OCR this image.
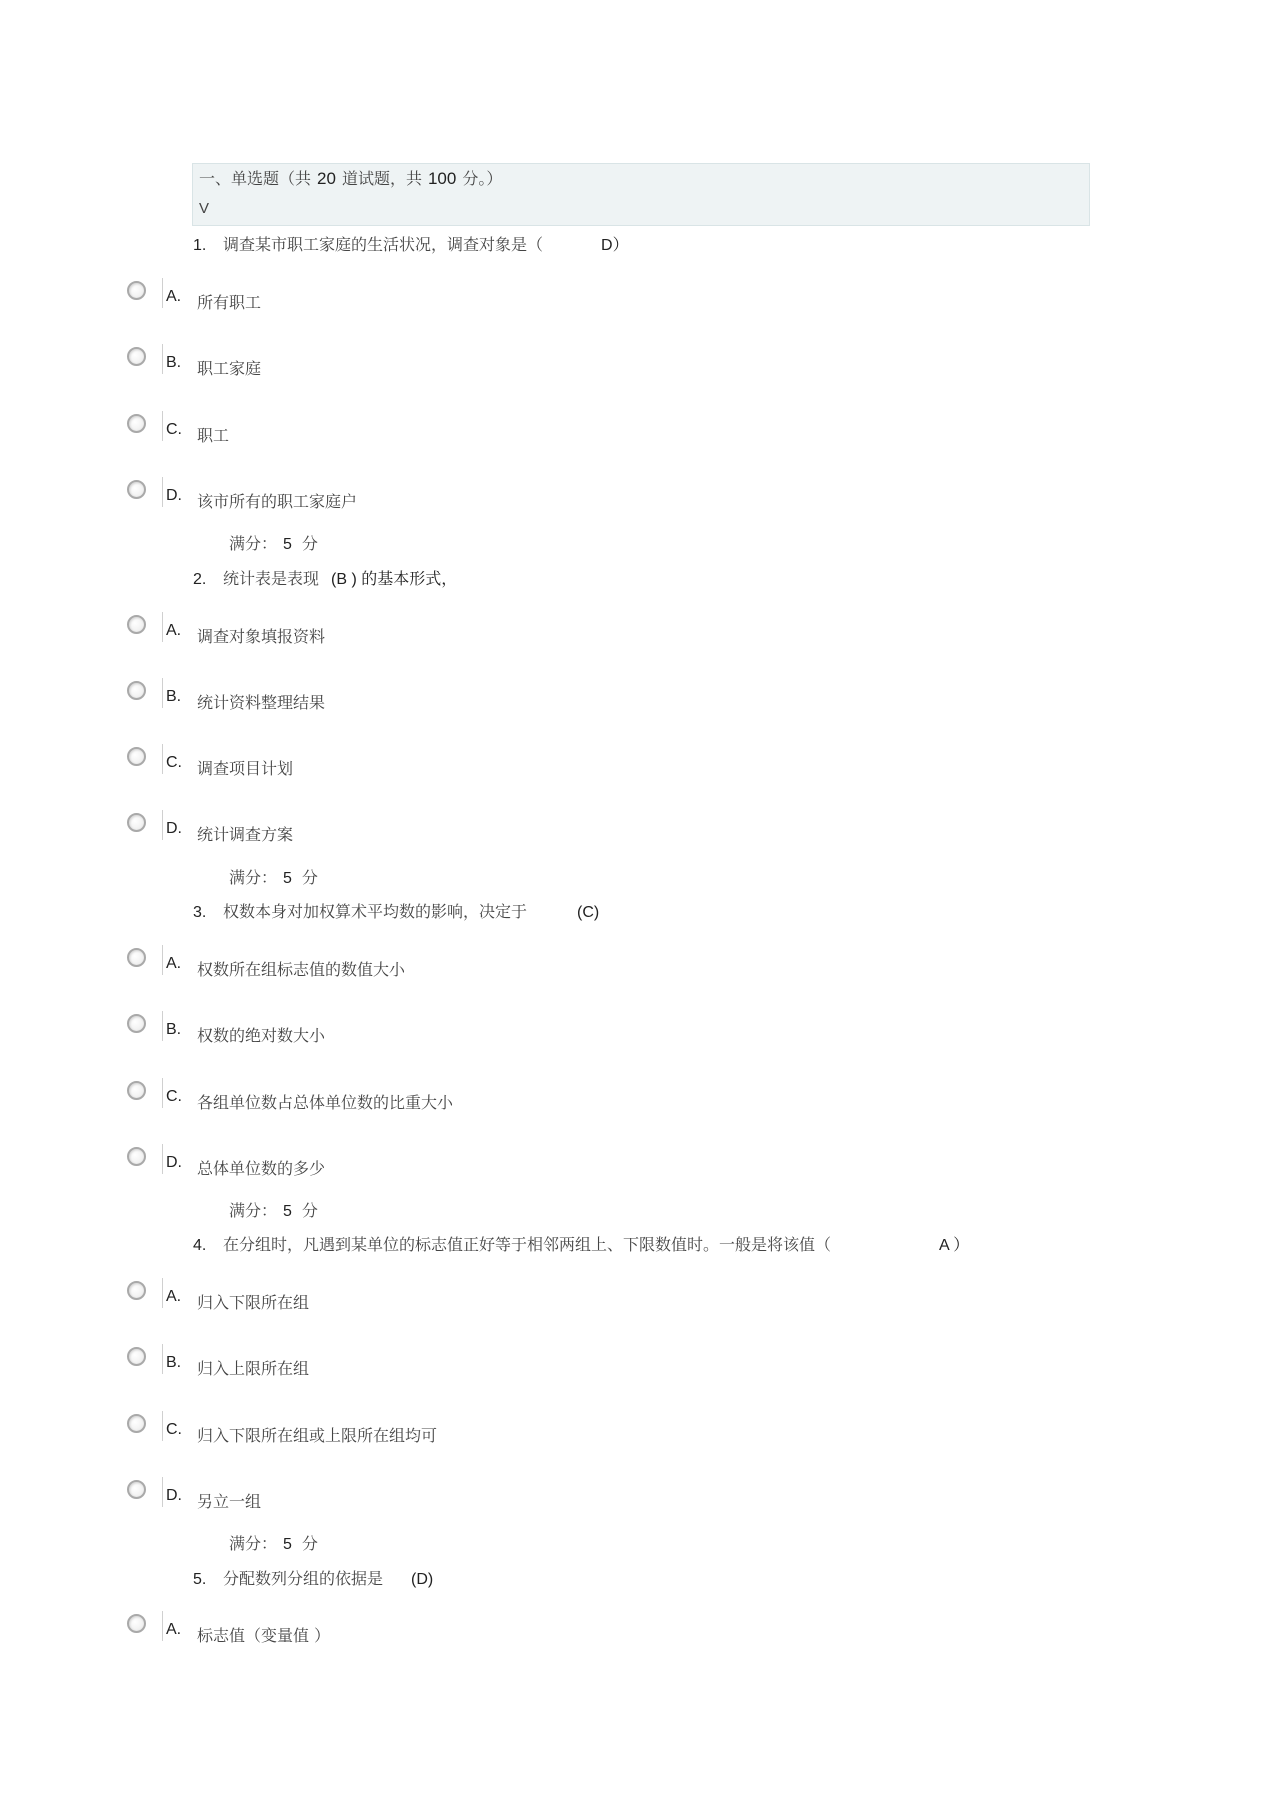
一、单选题（共 20 道试题，共 100 分。）
V
1. 调查某市职工家庭的生活状况，调查对象是（	D）
A. 所有职工
B. 职工家庭
C. 职工
D. 该市所有的职工家庭户
满分： 5 分
2. 统计表是表现 (B ) 的基本形式，
A. 调查对象填报资料
B. 统计资料整理结果
C. 调查项目计划
D. 统计调查方案
满分： 5 分
3. 权数本身对加权算术平均数的影响，决定于	(C)
A. 权数所在组标志值的数值大小
B. 权数的绝对数大小
C. 各组单位数占总体单位数的比重大小
D. 总体单位数的多少
满分： 5 分
4. 在分组时，凡遇到某单位的标志值正好等于相邻两组上、下限数值时。一般是将该值（	A ）
A. 归入下限所在组
B. 归入上限所在组
C. 归入下限所在组或上限所在组均可
D. 另立一组
满分： 5 分
5. 分配数列分组的依据是 (D)
A. 标志值（变量值 ）
